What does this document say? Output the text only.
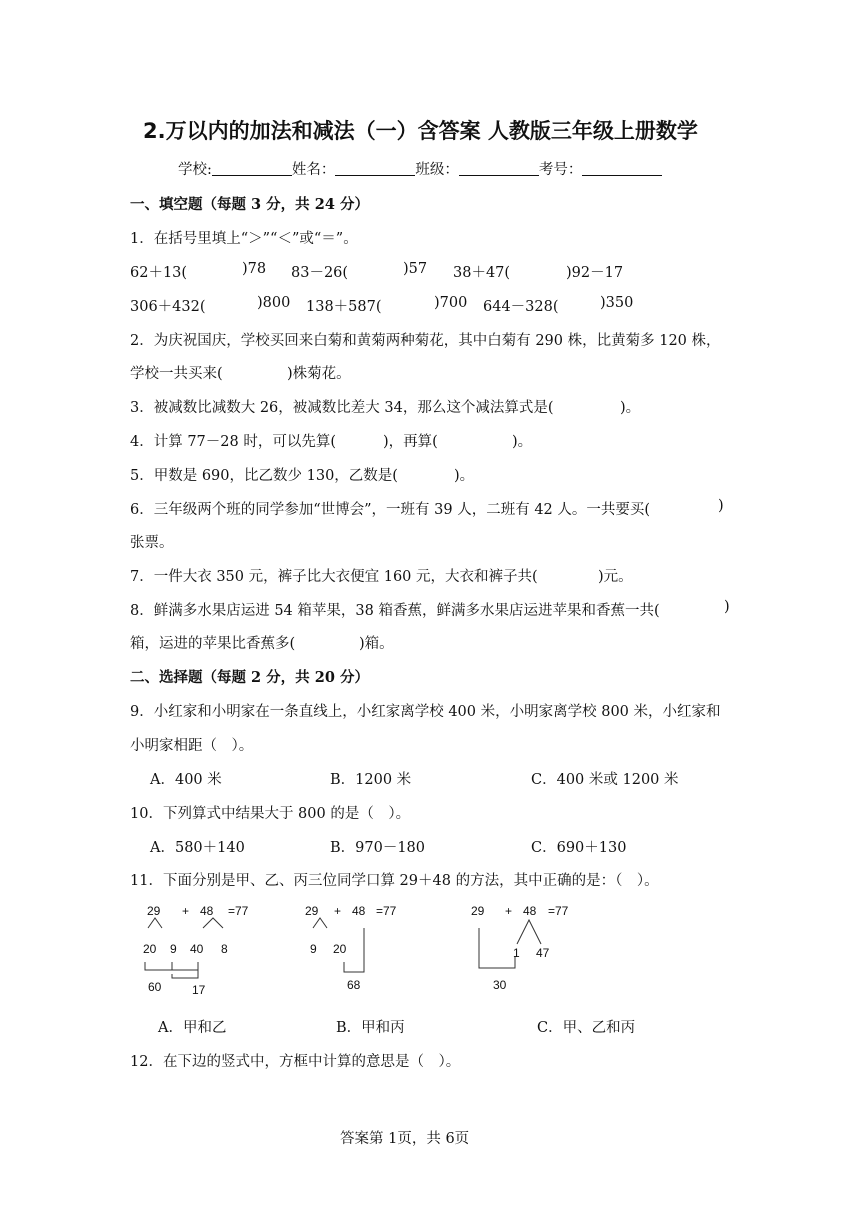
2.万以内的加法和减法（一）含答案 人教版三年级上册数学
学校:	姓名：	班级：	考号：
一、填空题（每题 3 分，共 24 分）
1．在括号里填上“＞”“＜”或“＝”。
62＋13(	)78 83－26(	)57 38＋47(	)92－17
306＋432(	)800 138＋587(	)700 644－328(	)350
2．为庆祝国庆，学校买回来白菊和黄菊两种菊花，其中白菊有 290 株，比黄菊多 120 株，
学校一共买来(	)株菊花。
3．被减数比减数大 26，被减数比差大 34，那么这个减法算式是(	)。
4．计算 77－28 时，可以先算(	)，再算(	)。
5．甲数是 690，比乙数少 130，乙数是(	)。
6．三年级两个班的同学参加“世博会”，一班有 39 人，二班有 42 人。一共要买(	)
张票。
7．一件大衣 350 元，裤子比大衣便宜 160 元，大衣和裤子共(	)元。
8．鲜满多水果店运进 54 箱苹果，38 箱香蕉，鲜满多水果店运进苹果和香蕉一共(	)
箱，运进的苹果比香蕉多(	)箱。
二、选择题（每题 2 分，共 20 分）
9．小红家和小明家在一条直线上，小红家离学校 400 米，小明家离学校 800 米，小红家和
小明家相距（　）。
A．400 米	B．1200 米	C．400 米或 1200 米
10．下列算式中结果大于 800 的是（　）。
A．580＋140	B．970－180	C．690＋130
11．下面分别是甲、乙、丙三位同学口算 29＋48 的方法，其中正确的是：（　）。
29 + 48 =77
20 9 40 8
60	17
29 + 48 =77
9 20
68
29 + 48 =77
1 47
30
A．甲和乙	B．甲和丙	C．甲、乙和丙
12．在下边的竖式中，方框中计算的意思是（　）。
答案第 1页，共 6页
